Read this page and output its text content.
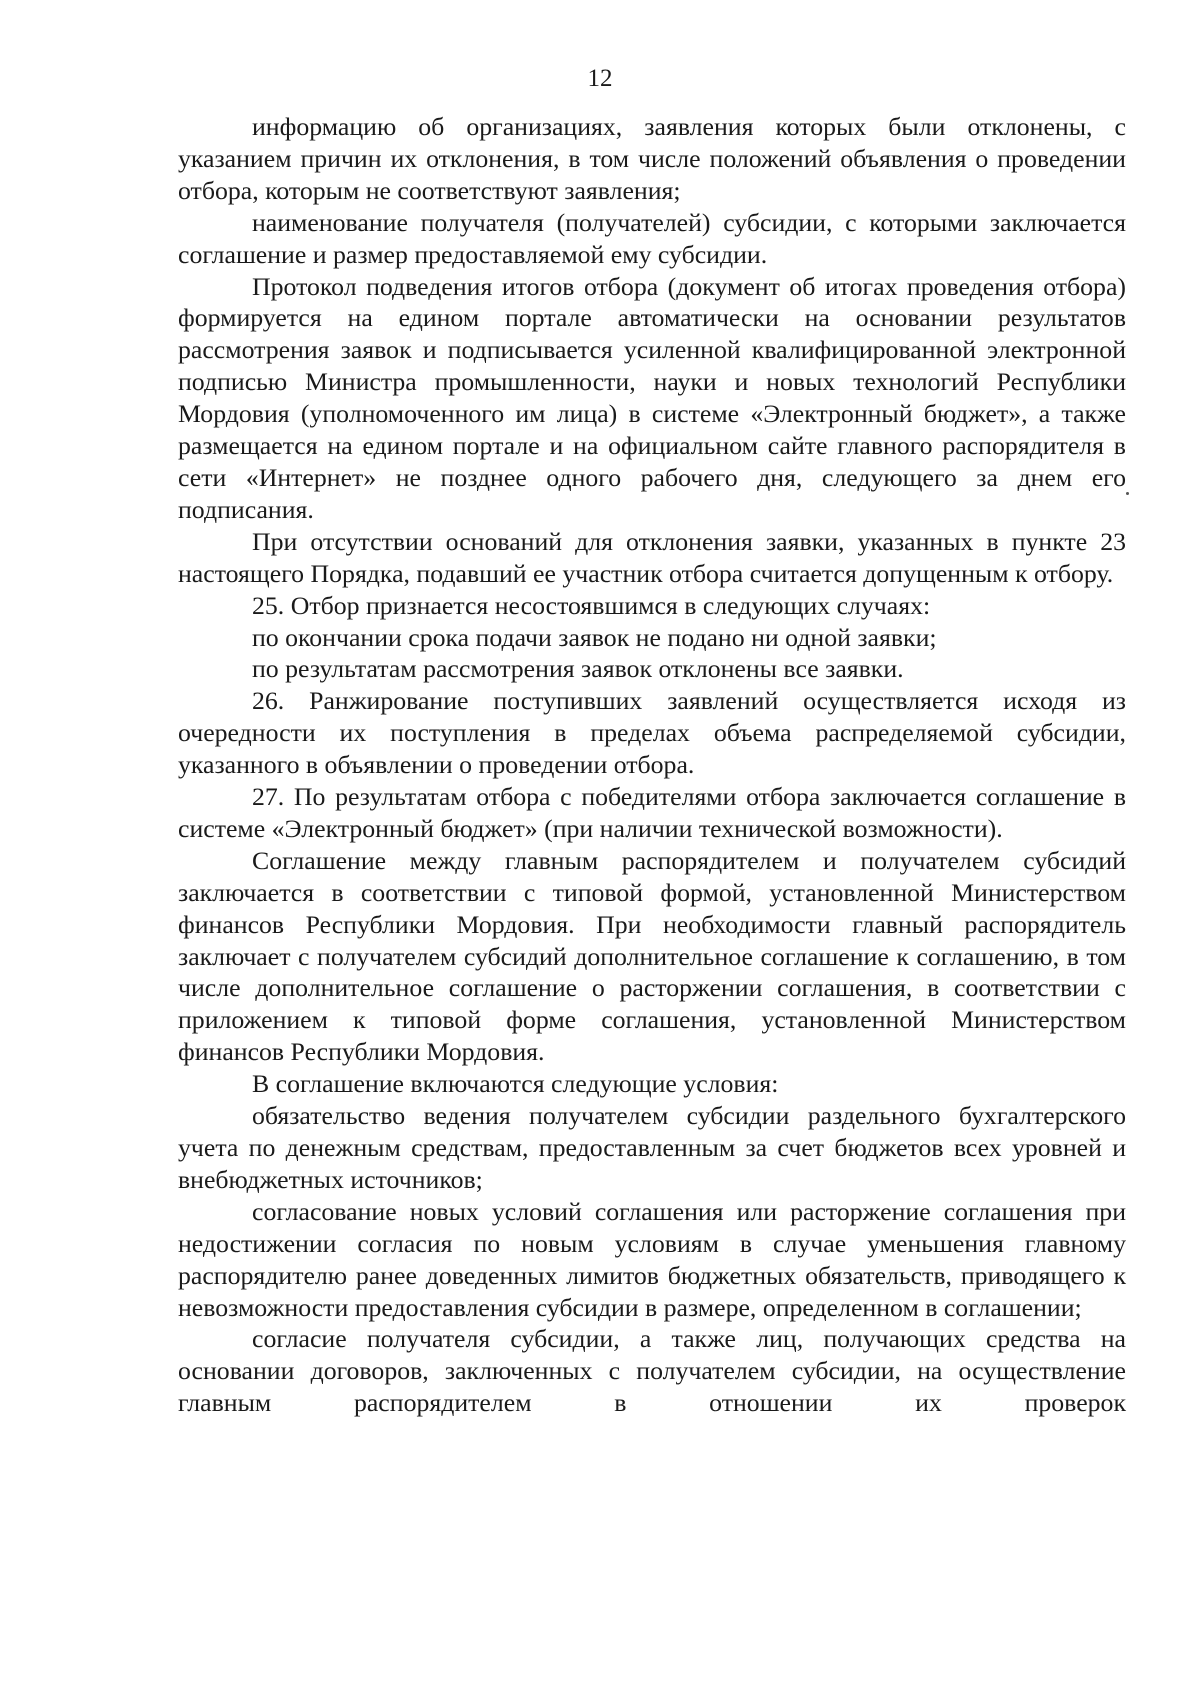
12

информацию об организациях, заявления которых были отклонены, с указанием причин их отклонения, в том числе положений объявления о проведении отбора, которым не соответствуют заявления;

наименование получателя (получателей) субсидии, с которыми заключается соглашение и размер предоставляемой ему субсидии.

Протокол подведения итогов отбора (документ об итогах проведения отбора) формируется на едином портале автоматически на основании результатов рассмотрения заявок и подписывается усиленной квалифицированной электронной подписью Министра промышленности, науки и новых технологий Республики Мордовия (уполномоченного им лица) в системе «Электронный бюджет», а также размещается на едином портале и на официальном сайте главного распорядителя в сети «Интернет» не позднее одного рабочего дня, следующего за днем его подписания.

При отсутствии оснований для отклонения заявки, указанных в пункте 23 настоящего Порядка, подавший ее участник отбора считается допущенным к отбору.

25. Отбор признается несостоявшимся в следующих случаях:

по окончании срока подачи заявок не подано ни одной заявки;

по результатам рассмотрения заявок отклонены все заявки.

26. Ранжирование поступивших заявлений осуществляется исходя из очередности их поступления в пределах объема распределяемой субсидии, указанного в объявлении о проведении отбора.

27. По результатам отбора с победителями отбора заключается соглашение в системе «Электронный бюджет» (при наличии технической возможности).

Соглашение между главным распорядителем и получателем субсидий заключается в соответствии с типовой формой, установленной Министерством финансов Республики Мордовия. При необходимости главный распорядитель заключает с получателем субсидий дополнительное соглашение к соглашению, в том числе дополнительное соглашение о расторжении соглашения, в соответствии с приложением к типовой форме соглашения, установленной Министерством финансов Республики Мордовия.

В соглашение включаются следующие условия:

обязательство ведения получателем субсидии раздельного бухгалтерского учета по денежным средствам, предоставленным за счет бюджетов всех уровней и внебюджетных источников;

согласование новых условий соглашения или расторжение соглашения при недостижении согласия по новым условиям в случае уменьшения главному распорядителю ранее доведенных лимитов бюджетных обязательств, приводящего к невозможности предоставления субсидии в размере, определенном в соглашении;

согласие получателя субсидии, а также лиц, получающих средства на основании договоров, заключенных с получателем субсидии, на осуществление главным распорядителем в отношении их проверок
